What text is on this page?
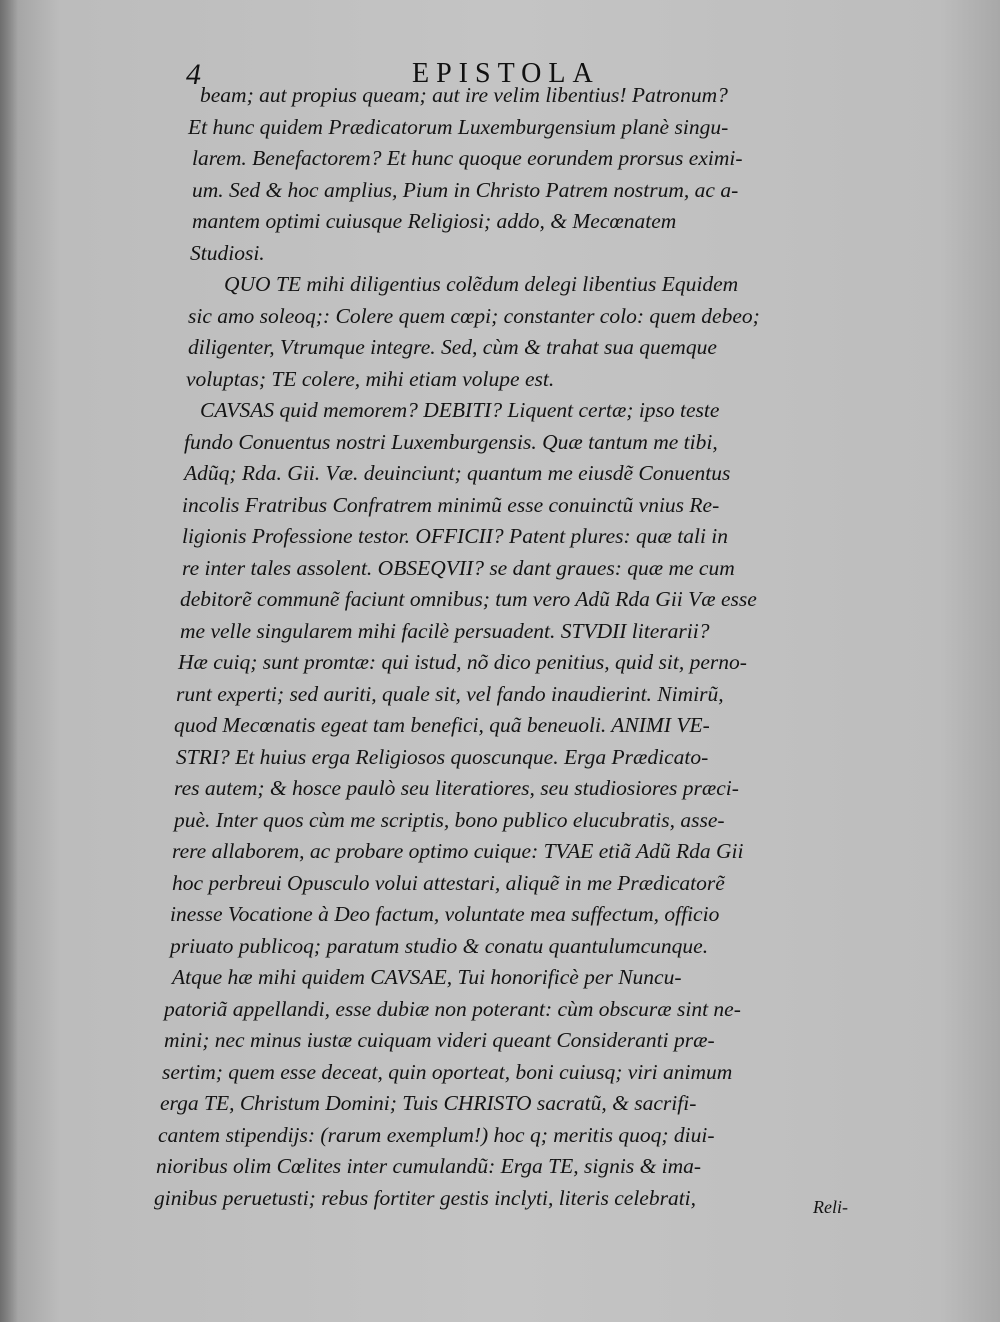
4	EPISTOLA
beam; aut propius queam; aut ire velim libentius! Patronum?
Et hunc quidem Prædicatorum Luxemburgensium planè singu-
larem. Benefactorem? Et hunc quoque eorundem prorsus eximi-
um. Sed & hoc amplius, Pium in Christo Patrem nostrum, ac a-
mantem optimi cuiusque Religiosi; addo, & Mecœnatem
Studiosi.
QUO TE mihi diligentius colẽdum delegi libentius Equidem
sic amo soleoq;: Colere quem cœpi; constanter colo: quem debeo;
diligenter, Vtrumque integre. Sed, cùm & trahat sua quemque
voluptas; TE colere, mihi etiam volupe est.
CAVSAS quid memorem? DEBITI? Liquent certæ; ipso teste
fundo Conuentus nostri Luxemburgensis. Quæ tantum me tibi,
Adũq; Rda. Gii. Væ. deuinciunt; quantum me eiusdẽ Conuentus
incolis Fratribus Confratrem minimũ esse conuinctũ vnius Re-
ligionis Professione testor. OFFICII? Patent plures: quæ tali in
re inter tales assolent. OBSEQVII? se dant graues: quæ me cum
debitorẽ communẽ faciunt omnibus; tum vero Adũ Rda Gii Væ esse
me velle singularem mihi facilè persuadent. STVDII literarii?
Hæ cuiq; sunt promtæ: qui istud, nõ dico penitius, quid sit, perno-
runt experti; sed auriti, quale sit, vel fando inaudierint. Nimirũ,
quod Mecœnatis egeat tam benefici, quã beneuoli. ANIMI VE-
STRI? Et huius erga Religiosos quoscunque. Erga Prædicato-
res autem; & hosce paulò seu literatiores, seu studiosiores præci-
puè. Inter quos cùm me scriptis, bono publico elucubratis, asse-
rere allaborem, ac probare optimo cuique: TVAE etiã Adũ Rda Gii
hoc perbreui Opusculo volui attestari, aliquẽ in me Prædicatorẽ
inesse Vocatione à Deo factum, voluntate mea suffectum, officio
priuato publicoq; paratum studio & conatu quantulumcunque.
Atque hæ mihi quidem CAVSAE, Tui honorificè per Nuncu-
patoriã appellandi, esse dubiæ non poterant: cùm obscuræ sint ne-
mini; nec minus iustæ cuiquam videri queant Consideranti præ-
sertim; quem esse deceat, quin oporteat, boni cuiusq; viri animum
erga TE, Christum Domini; Tuis CHRISTO sacratũ, & sacrifi-
cantem stipendijs: (rarum exemplum!) hoc q; meritis quoq; diui-
nioribus olim Cœlites inter cumulandũ: Erga TE, signis & ima-
ginibus peruetusti; rebus fortiter gestis inclyti, literis celebrati,	Reli-
